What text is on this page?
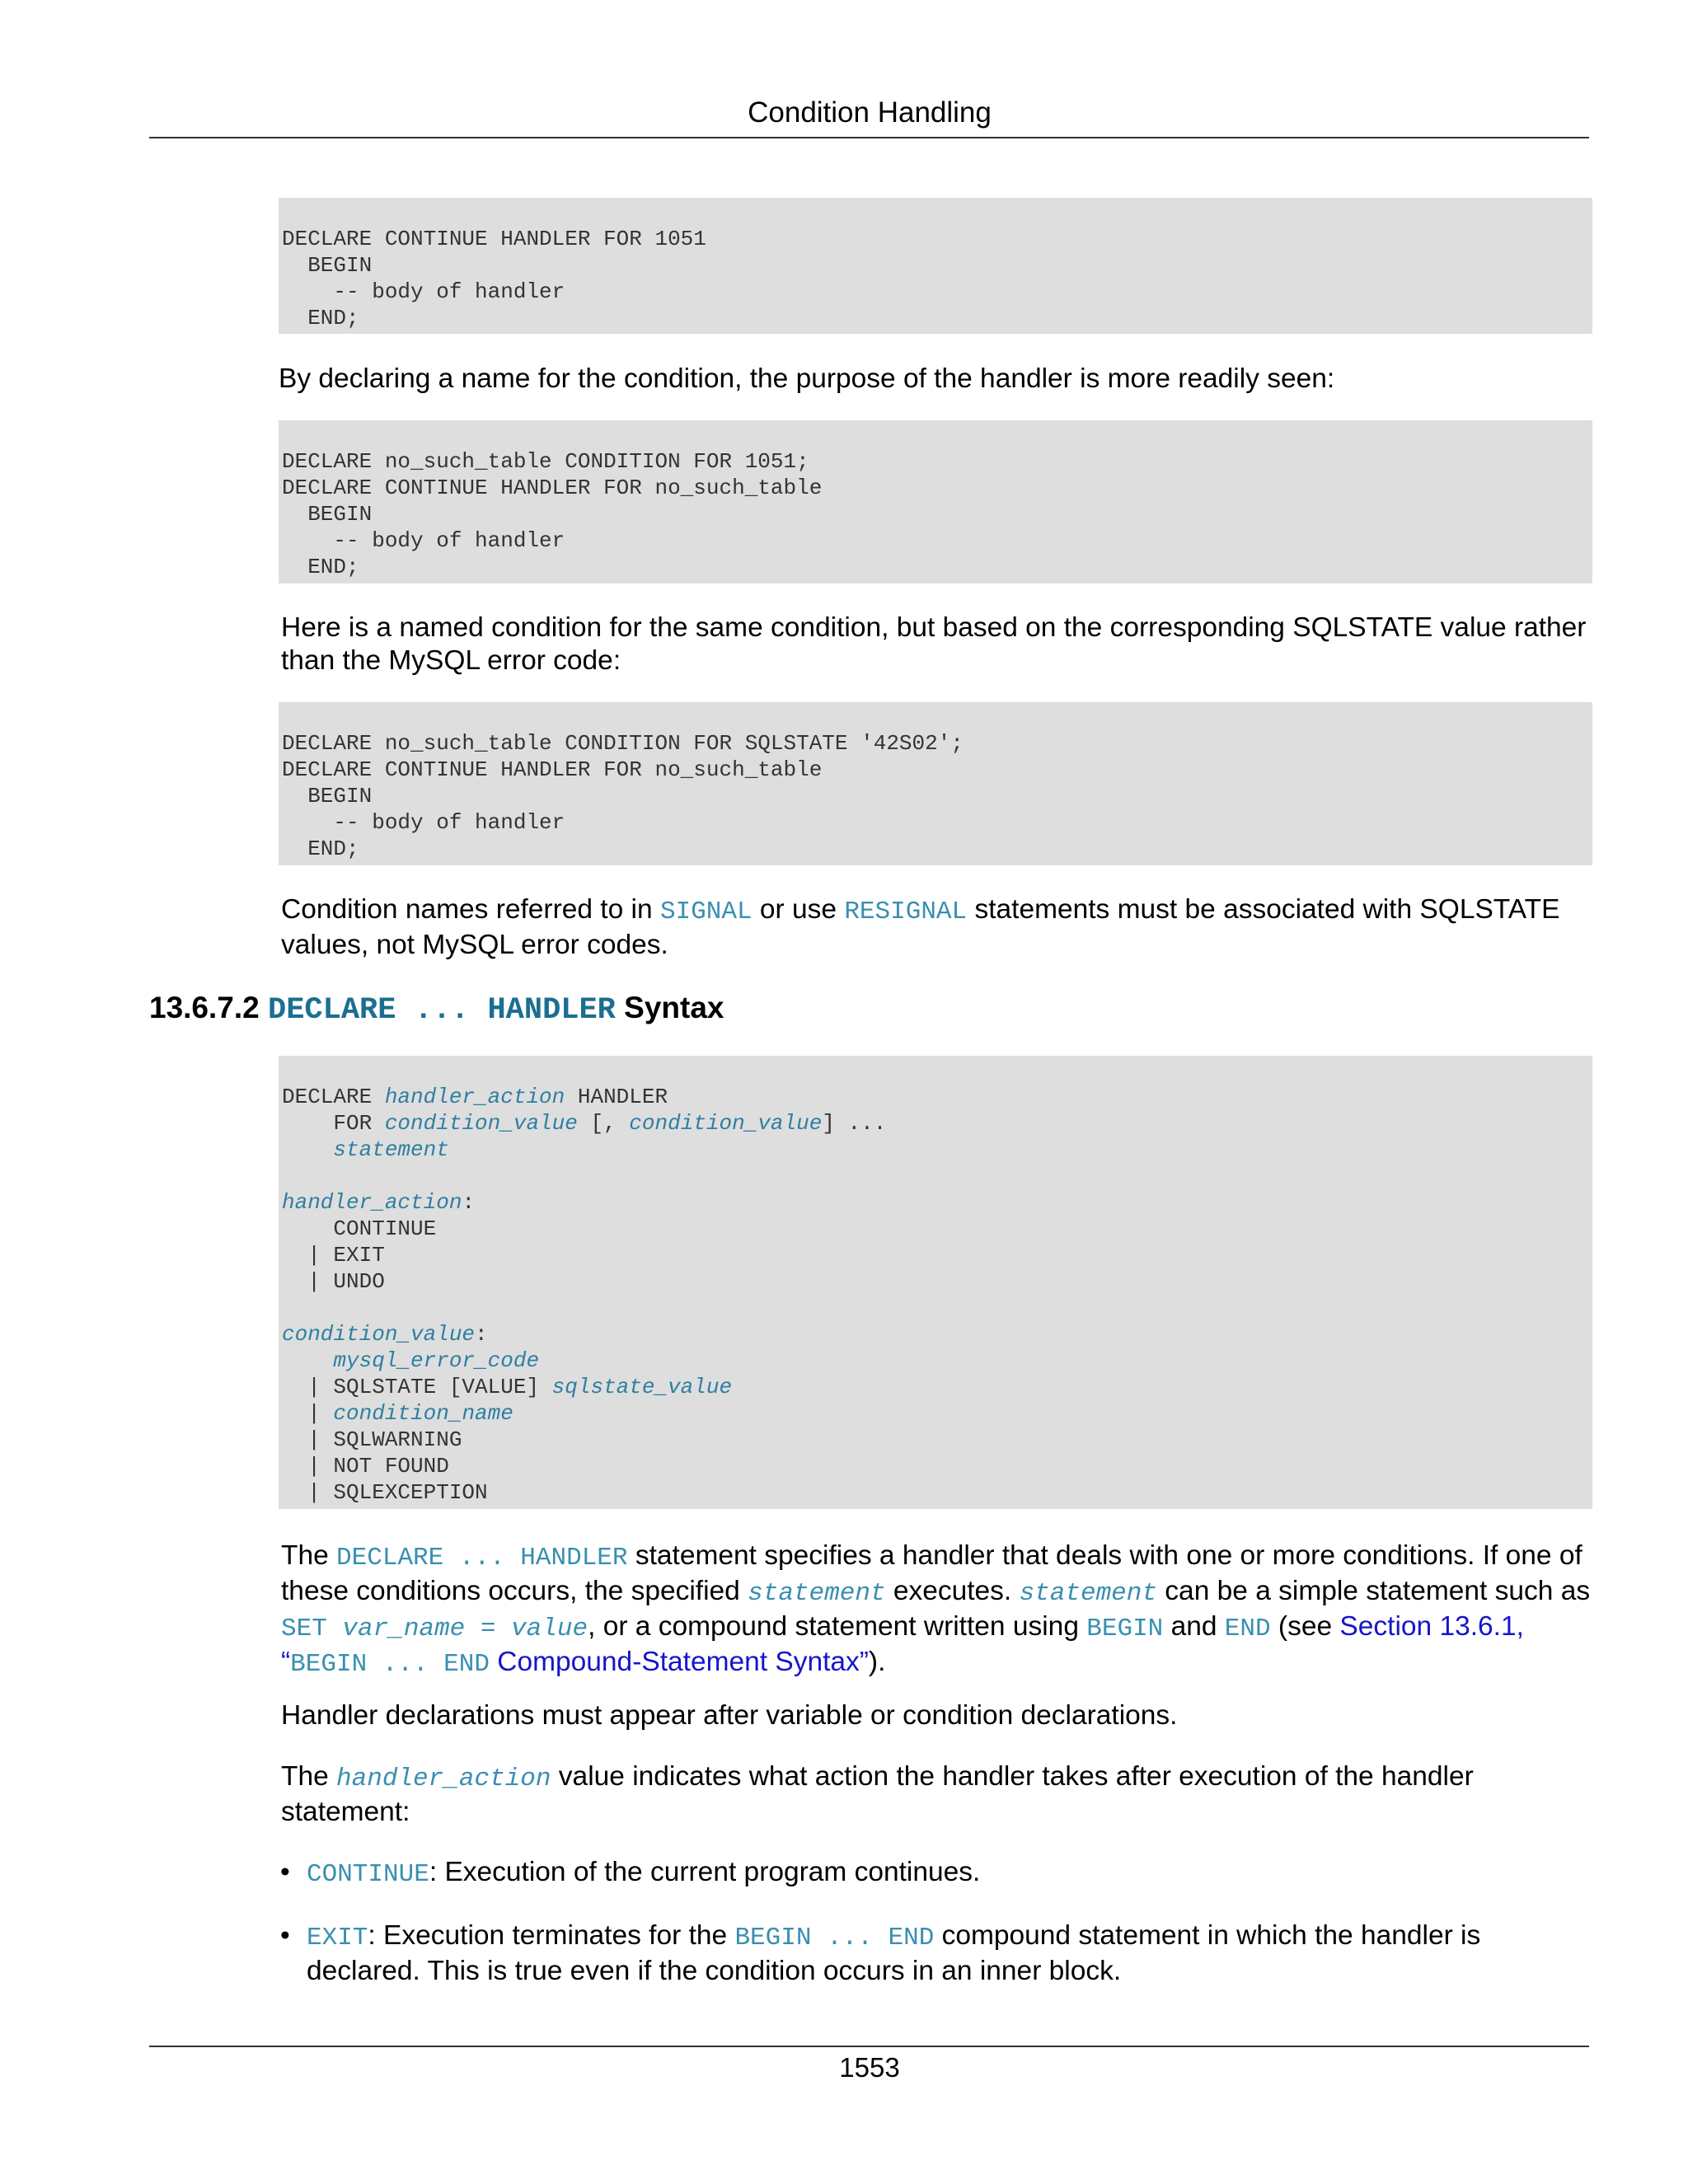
Condition Handling
DECLARE CONTINUE HANDLER FOR 1051
BEGIN
-- body of handler
END;

By declaring a name for the condition, the purpose of the handler is more readily seen:

DECLARE no_such_table CONDITION FOR 1051;
DECLARE CONTINUE HANDLER FOR no_such_table
BEGIN
-- body of handler
END;

Here is a named condition for the same condition, but based on the corresponding SQLSTATE value rather than the MySQL error code:

DECLARE no_such_table CONDITION FOR SQLSTATE '42S02';
DECLARE CONTINUE HANDLER FOR no_such_table
BEGIN
-- body of handler
END;

Condition names referred to in SIGNAL or use RESIGNAL statements must be associated with SQLSTATE values, not MySQL error codes.

13.6.7.2 DECLARE ... HANDLER Syntax
DECLARE handler_action HANDLER
FOR condition_value [, condition_value] ...
statement

handler_action:
CONTINUE
| EXIT
| UNDO

condition_value:
mysql_error_code
| SQLSTATE [VALUE] sqlstate_value
| condition_name
| SQLWARNING
| NOT FOUND
| SQLEXCEPTION

The DECLARE ... HANDLER statement specifies a handler that deals with one or more conditions. If one of these conditions occurs, the specified statement executes. statement can be a simple statement such as SET var_name = value, or a compound statement written using BEGIN and END (see Section 13.6.1, “BEGIN ... END Compound-Statement Syntax”).

Handler declarations must appear after variable or condition declarations.

The handler_action value indicates what action the handler takes after execution of the handler statement:

• CONTINUE: Execution of the current program continues.
• EXIT: Execution terminates for the BEGIN ... END compound statement in which the handler is declared. This is true even if the condition occurs in an inner block.
1553
